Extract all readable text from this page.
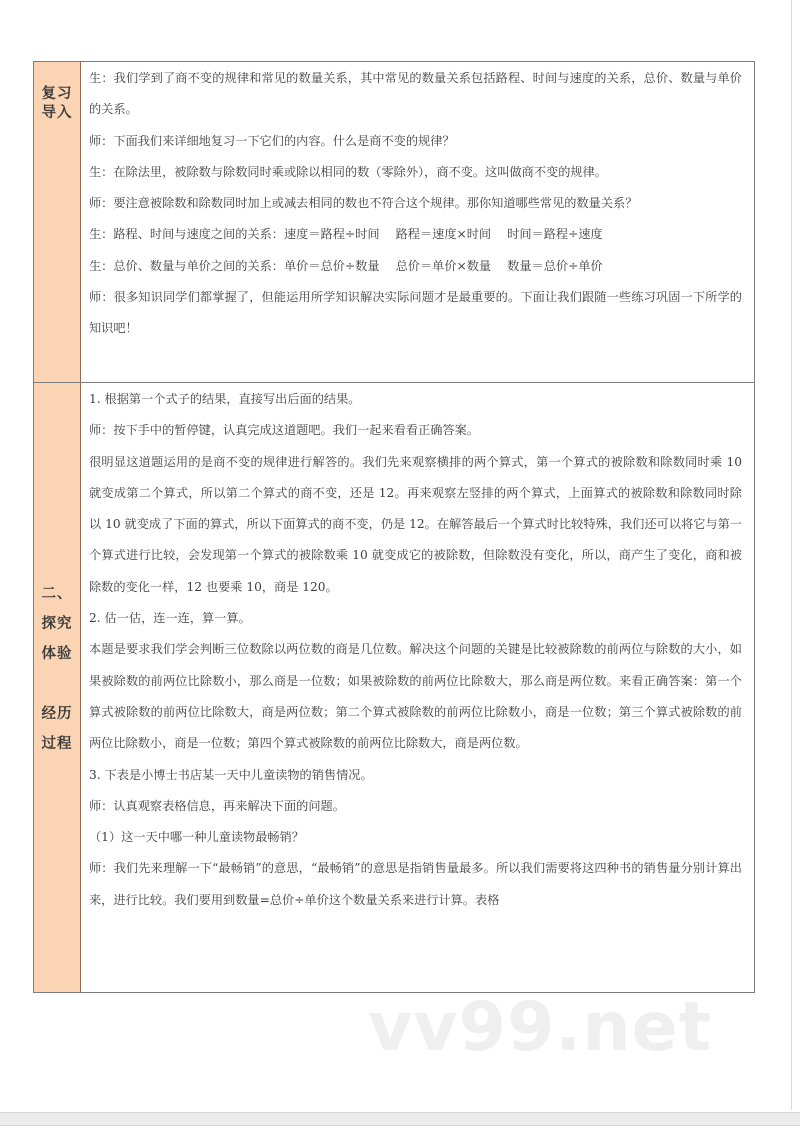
复习
导入

生：我们学到了商不变的规律和常见的数量关系，其中常见的数量关系包括路程、时间与速度的关系，总价、数量与单价的关系。

师：下面我们来详细地复习一下它们的内容。什么是商不变的规律？

生：在除法里，被除数与除数同时乘或除以相同的数（零除外），商不变。这叫做商不变的规律。

师：要注意被除数和除数同时加上或减去相同的数也不符合这个规律。那你知道哪些常见的数量关系？

生：路程、时间与速度之间的关系：速度＝路程÷时间　 路程＝速度×时间　 时间＝路程÷速度

生：总价、数量与单价之间的关系：单价＝总价÷数量　 总价＝单价×数量　 数量＝总价÷单价

师：很多知识同学们都掌握了，但能运用所学知识解决实际问题才是最重要的。下面让我们跟随一些练习巩固一下所学的知识吧！

二、
探究
体验
经历
过程

1. 根据第一个式子的结果，直接写出后面的结果。

师：按下手中的暂停键，认真完成这道题吧。我们一起来看看正确答案。

很明显这道题运用的是商不变的规律进行解答的。我们先来观察横排的两个算式，第一个算式的被除数和除数同时乘 10 就变成第二个算式，所以第二个算式的商不变，还是 12。再来观察左竖排的两个算式，上面算式的被除数和除数同时除以 10 就变成了下面的算式，所以下面算式的商不变，仍是 12。在解答最后一个算式时比较特殊，我们还可以将它与第一个算式进行比较，会发现第一个算式的被除数乘 10 就变成它的被除数，但除数没有变化，所以，商产生了变化，商和被除数的变化一样，12 也要乘 10，商是 120。

2. 估一估，连一连，算一算。

本题是要求我们学会判断三位数除以两位数的商是几位数。解决这个问题的关键是比较被除数的前两位与除数的大小，如果被除数的前两位比除数小，那么商是一位数；如果被除数的前两位比除数大，那么商是两位数。来看正确答案：第一个算式被除数的前两位比除数大，商是两位数；第二个算式被除数的前两位比除数小，商是一位数；第三个算式被除数的前两位比除数小，商是一位数；第四个算式被除数的前两位比除数大，商是两位数。

3. 下表是小博士书店某一天中儿童读物的销售情况。

师：认真观察表格信息，再来解决下面的问题。

（1）这一天中哪一种儿童读物最畅销？

师：我们先来理解一下“最畅销”的意思，“最畅销”的意思是指销售量最多。所以我们需要将这四种书的销售量分别计算出来，进行比较。我们要用到数量=总价÷单价这个数量关系来进行计算。表格

vv99.net
